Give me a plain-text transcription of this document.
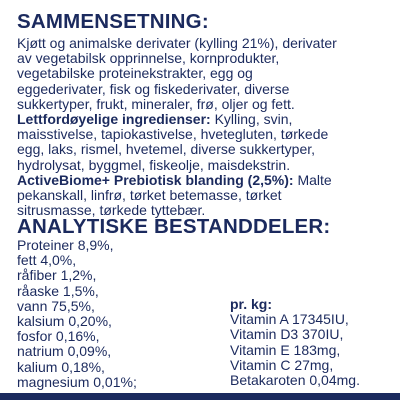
SAMMENSETNING:
Kjøtt og animalske derivater (kylling 21%), derivater
av vegetabilsk opprinnelse, kornprodukter,
vegetabilske proteinekstrakter, egg og
eggederivater, fisk og fiskederivater, diverse
sukkertyper, frukt, mineraler, frø, oljer og fett.
Lettfordøyelige ingredienser: Kylling, svin,
maisstivelse, tapiokastivelse, hvetegluten, tørkede
egg, laks, rismel, hvetemel, diverse sukkertyper,
hydrolysat, byggmel, fiskeolje, maisdekstrin.
ActiveBiome+ Prebiotisk blanding (2,5%): Malte
pekanskall, linfrø, tørket betemasse, tørket
sitrusmasse, tørkede tyttebær.
ANALYTISKE BESTANDDELER:
Proteiner 8,9%,
fett 4,0%,
råfiber 1,2%,
råaske 1,5%,
vann 75,5%,
kalsium 0,20%,
fosfor 0,16%,
natrium 0,09%,
kalium 0,18%,
magnesium 0,01%;
pr. kg:
Vitamin A 17345IU,
Vitamin D3 370IU,
Vitamin E 183mg,
Vitamin C 27mg,
Betakaroten 0,04mg.
